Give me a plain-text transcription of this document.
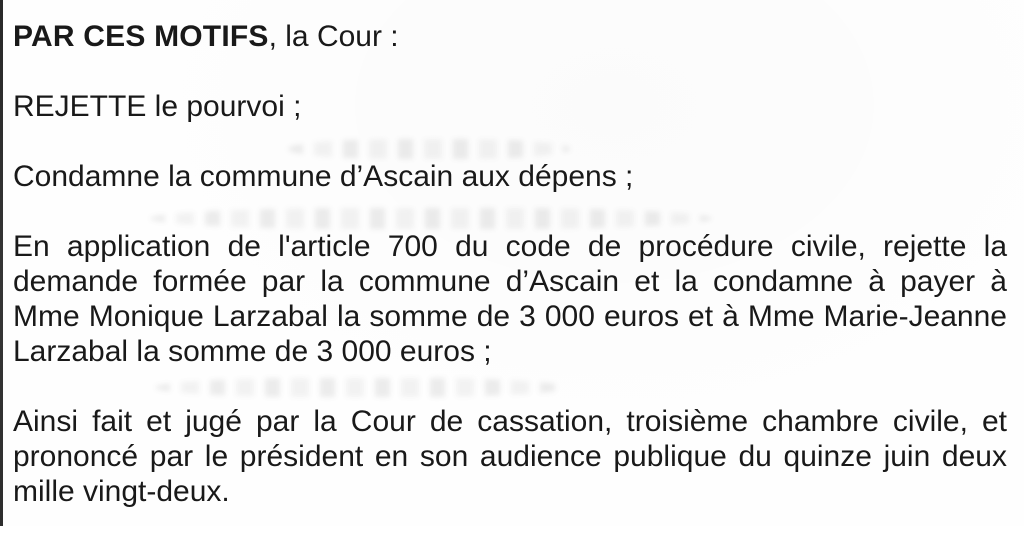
PAR CES MOTIFS, la Cour :

REJETTE le pourvoi ;

Condamne la commune d’Ascain aux dépens ;

En application de l'article 700 du code de procédure civile, rejette la
demande formée par la commune d’Ascain et la condamne à payer à
Mme Monique Larzabal la somme de 3 000 euros et à Mme Marie-Jeanne
Larzabal la somme de 3 000 euros ;

Ainsi fait et jugé par la Cour de cassation, troisième chambre civile, et
prononcé par le président en son audience publique du quinze juin deux
mille vingt-deux.
